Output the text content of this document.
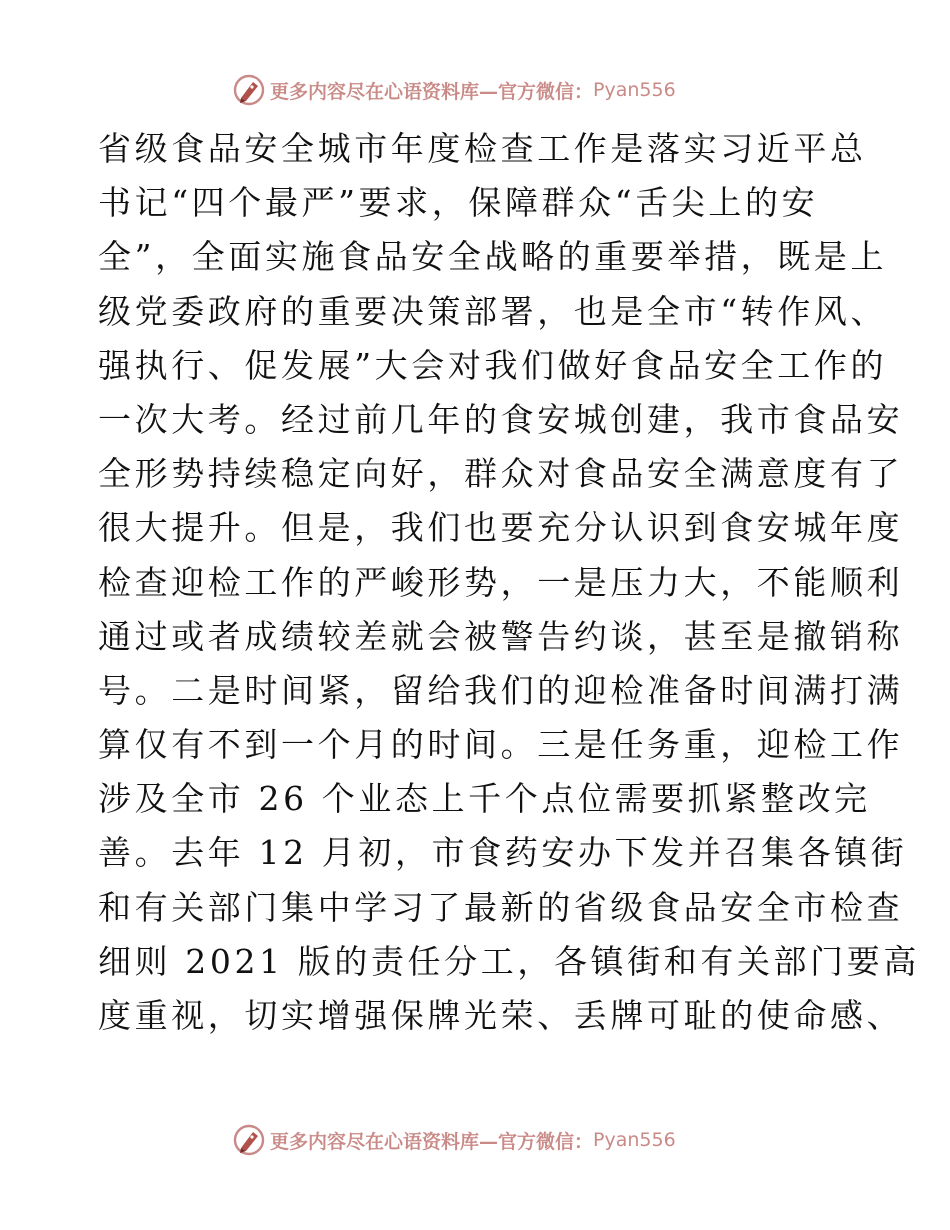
更多内容尽在心语资料库—官方微信： Pyan556
省级食品安全城市年度检查工作是落实习近平总
书记“四个最严”要求，保障群众“舌尖上的安
全”，全面实施食品安全战略的重要举措，既是上
级党委政府的重要决策部署，也是全市“转作风、
强执行、促发展”大会对我们做好食品安全工作的
一次大考。经过前几年的食安城创建，我市食品安
全形势持续稳定向好，群众对食品安全满意度有了
很大提升。但是，我们也要充分认识到食安城年度
检查迎检工作的严峻形势，一是压力大，不能顺利
通过或者成绩较差就会被警告约谈，甚至是撤销称
号。二是时间紧，留给我们的迎检准备时间满打满
算仅有不到一个月的时间。三是任务重，迎检工作
涉及全市 26 个业态上千个点位需要抓紧整改完
善。去年 12 月初，市食药安办下发并召集各镇街
和有关部门集中学习了最新的省级食品安全市检查
细则 2021 版的责任分工，各镇街和有关部门要高
度重视，切实增强保牌光荣、丢牌可耻的使命感、
更多内容尽在心语资料库—官方微信： Pyan556
